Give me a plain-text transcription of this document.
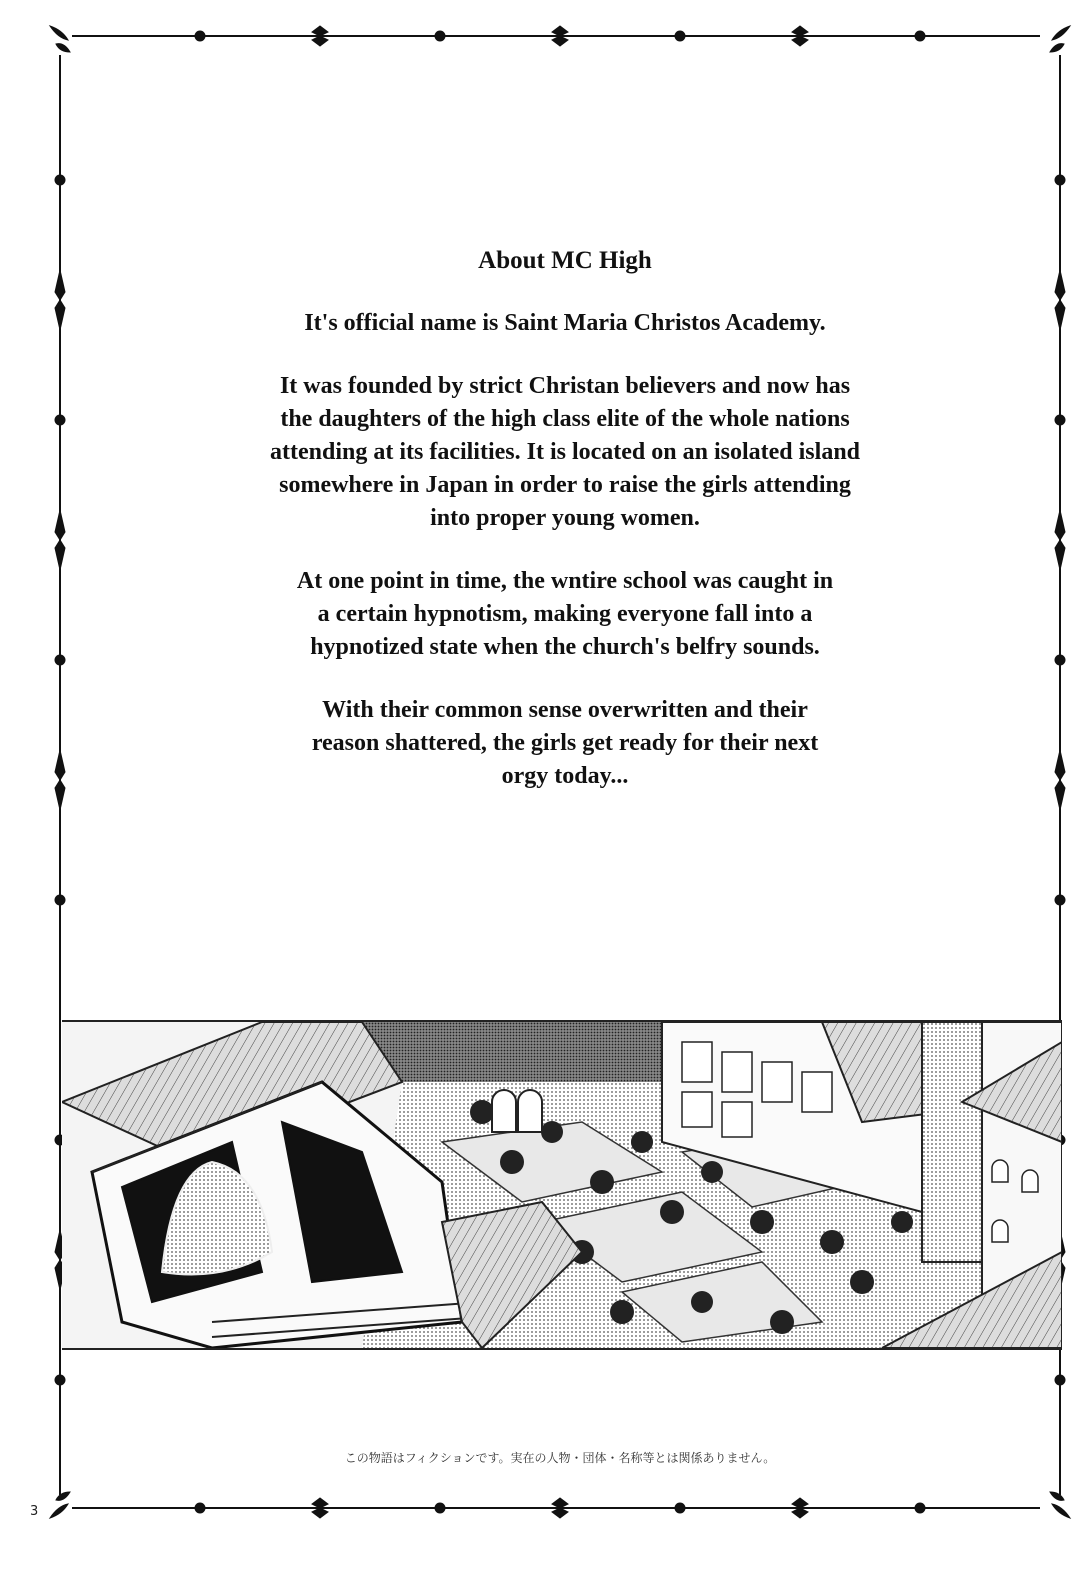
About MC High

It's official name is Saint Maria Christos Academy.

It was founded by strict Christan believers and now has
the daughters of the high class elite of the whole nations
attending at its facilities. It is located on an isolated island
somewhere in Japan in order to raise the girls attending
into proper young women.

At one point in time, the wntire school was caught in
a certain hypnotism, making everyone fall into a
hypnotized state when the church's belfry sounds.

With their common sense overwritten and their
reason shattered, the girls get ready for their next
orgy today...

この物語はフィクションです。実在の人物・団体・名称等とは関係ありません。
3
